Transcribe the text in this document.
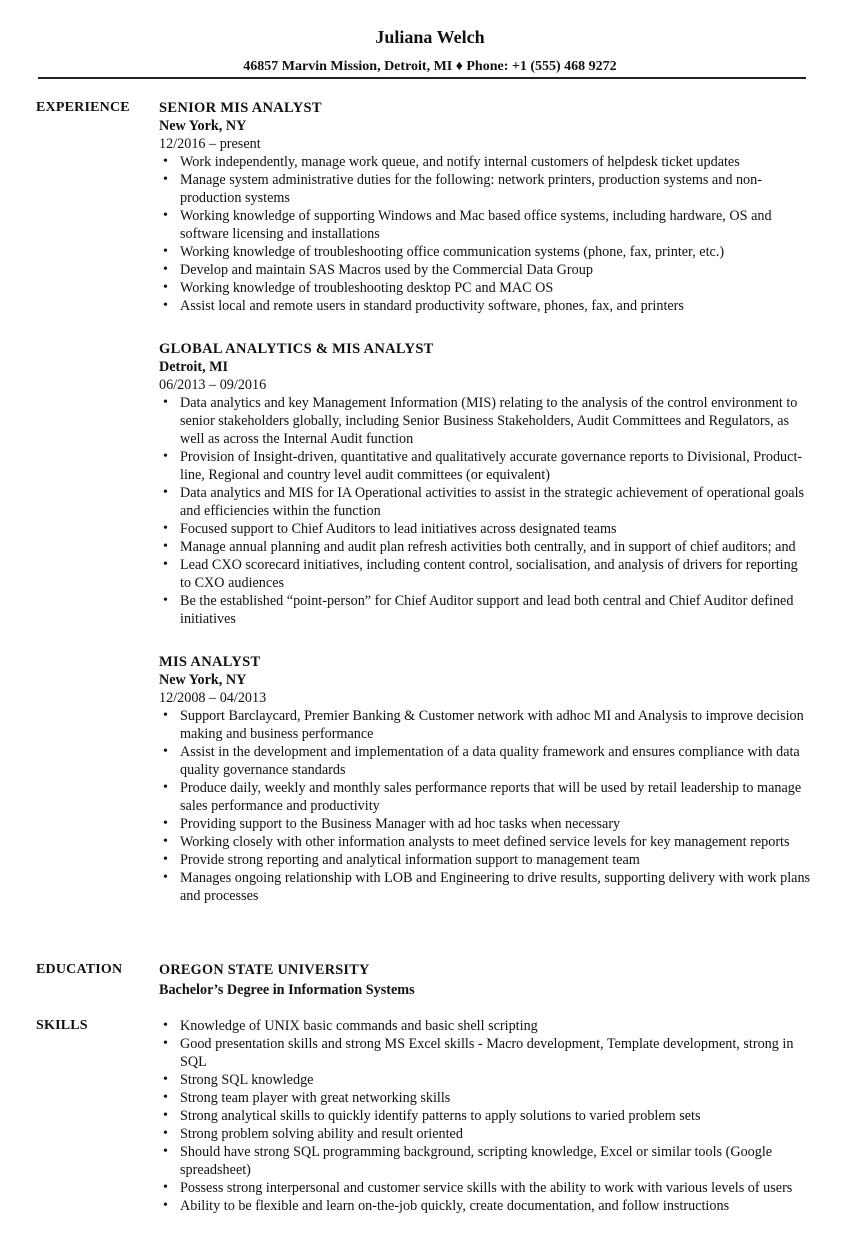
Juliana Welch
46857 Marvin Mission, Detroit, MI ♦ Phone: +1 (555) 468 9272
EXPERIENCE SENIOR MIS ANALYST
New York, NY
12/2016 – present
• Work independently, manage work queue, and notify internal customers of helpdesk ticket updates
• Manage system administrative duties for the following: network printers, production systems and non-production systems
• Working knowledge of supporting Windows and Mac based office systems, including hardware, OS and software licensing and installations
• Working knowledge of troubleshooting office communication systems (phone, fax, printer, etc.)
• Develop and maintain SAS Macros used by the Commercial Data Group
• Working knowledge of troubleshooting desktop PC and MAC OS
• Assist local and remote users in standard productivity software, phones, fax, and printers
GLOBAL ANALYTICS & MIS ANALYST
Detroit, MI
06/2013 – 09/2016
• Data analytics and key Management Information (MIS) relating to the analysis of the control environment to senior stakeholders globally, including Senior Business Stakeholders, Audit Committees and Regulators, as well as across the Internal Audit function
• Provision of Insight-driven, quantitative and qualitatively accurate governance reports to Divisional, Product-line, Regional and country level audit committees (or equivalent)
• Data analytics and MIS for IA Operational activities to assist in the strategic achievement of operational goals and efficiencies within the function
• Focused support to Chief Auditors to lead initiatives across designated teams
• Manage annual planning and audit plan refresh activities both centrally, and in support of chief auditors; and
• Lead CXO scorecard initiatives, including content control, socialisation, and analysis of drivers for reporting to CXO audiences
• Be the established “point-person” for Chief Auditor support and lead both central and Chief Auditor defined initiatives
MIS ANALYST
New York, NY
12/2008 – 04/2013
• Support Barclaycard, Premier Banking & Customer network with adhoc MI and Analysis to improve decision making and business performance
• Assist in the development and implementation of a data quality framework and ensures compliance with data quality governance standards
• Produce daily, weekly and monthly sales performance reports that will be used by retail leadership to manage sales performance and productivity
• Providing support to the Business Manager with ad hoc tasks when necessary
• Working closely with other information analysts to meet defined service levels for key management reports
• Provide strong reporting and analytical information support to management team
• Manages ongoing relationship with LOB and Engineering to drive results, supporting delivery with work plans and processes
EDUCATION	OREGON STATE UNIVERSITY
Bachelor’s Degree in Information Systems
SKILLS
•	Knowledge of UNIX basic commands and basic shell scripting
• Good presentation skills and strong MS Excel skills - Macro development, Template development, strong in SQL
• Strong SQL knowledge
• Strong team player with great networking skills
• Strong analytical skills to quickly identify patterns to apply solutions to varied problem sets
• Strong problem solving ability and result oriented
• Should have strong SQL programming background, scripting knowledge, Excel or similar tools (Google spreadsheet)
• Possess strong interpersonal and customer service skills with the ability to work with various levels of users
• Ability to be flexible and learn on-the-job quickly, create documentation, and follow instructions
